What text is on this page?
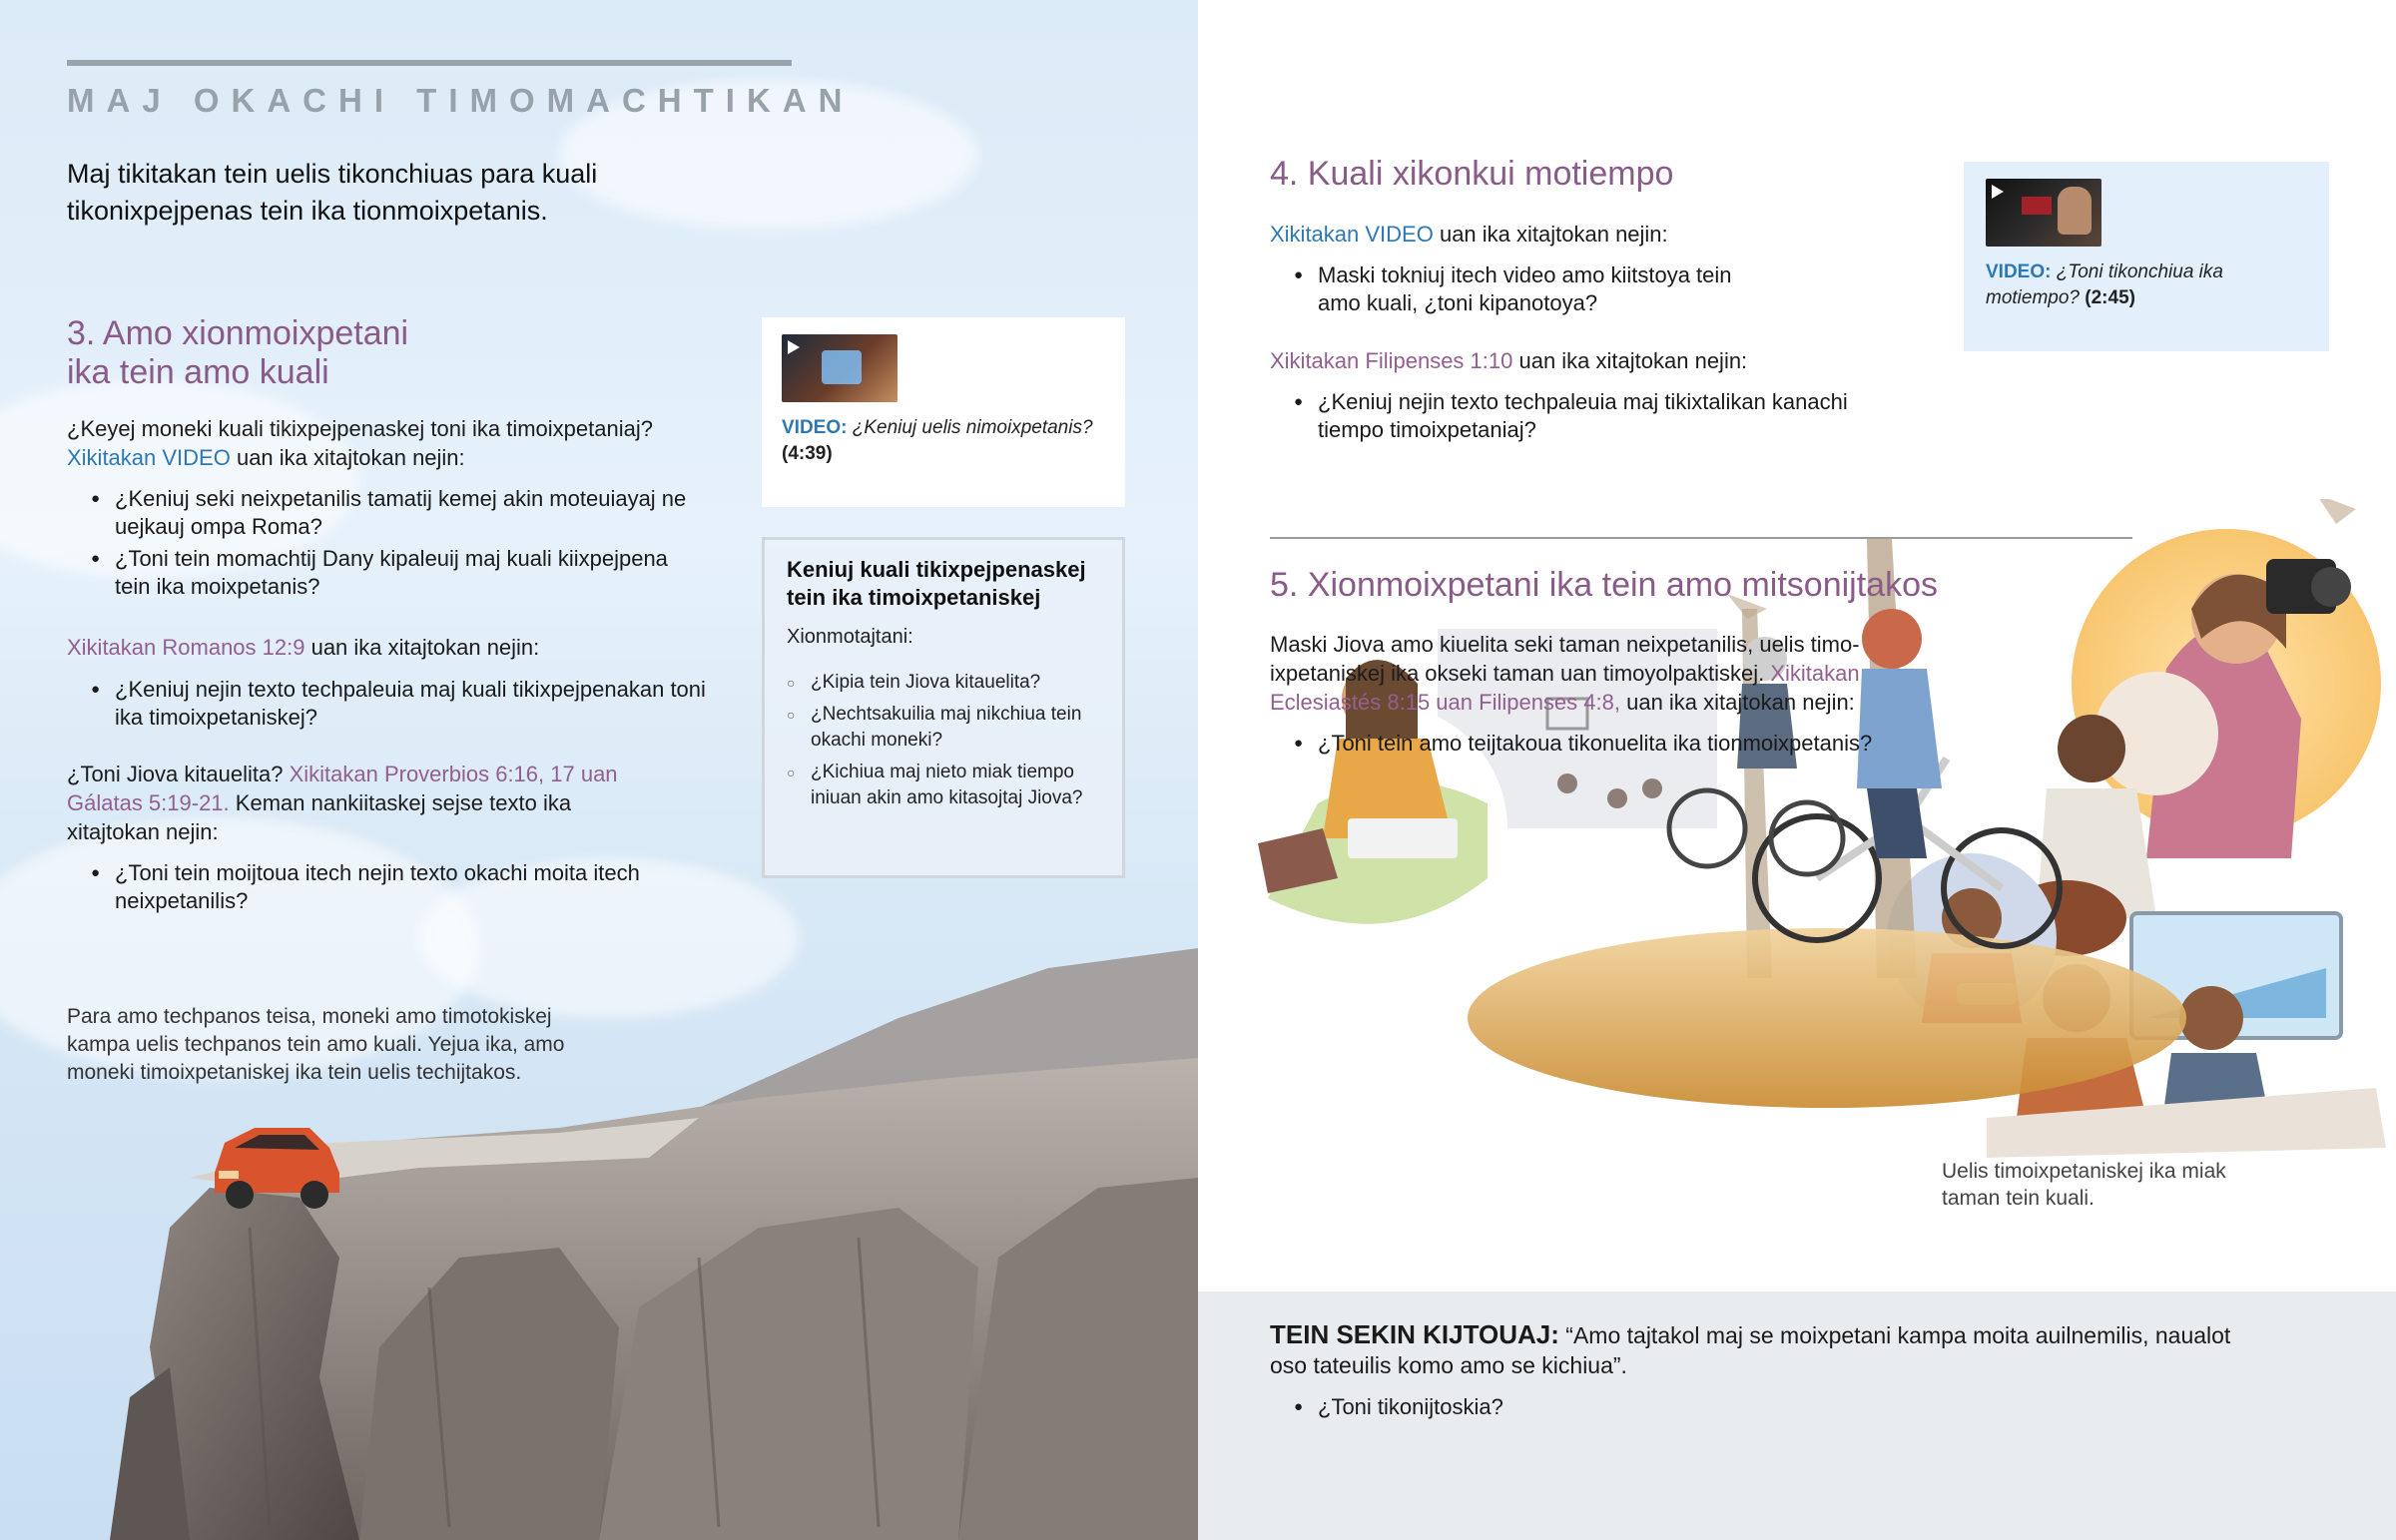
MAJ OKACHI TIMOMACHTIKAN
Maj tikitakan tein uelis tikonchiuas para kuali tikonixpejpenas tein ika tionmoixpetanis.
3. Amo xionmoixpetani
ika tein amo kuali
¿Keyej moneki kuali tikixpejpenaskej toni ika timoixpetaniaj?
Xikitakan VIDEO uan ika xitajtokan nejin:
● ¿Keniuj seki neixpetanilis tamatij kemej akin moteuiayaj ne uejkauj ompa Roma?
● ¿Toni tein momachtij Dany kipaleuij maj kuali kiixpejpena tein ika moixpetanis?
Xikitakan Romanos 12:9 uan ika xitajtokan nejin:
● ¿Keniuj nejin texto techpaleuia maj kuali tikixpejpenakan toni ika timoixpetaniskej?
¿Toni Jiova kitauelita? Xikitakan Proverbios 6:16, 17 uan Gálatas 5:19-21. Keman nankiitaskej sejse texto ika xitajtokan nejin:
● ¿Toni tein moijtoua itech nejin texto okachi moita itech neixpetanilis?
VIDEO: ¿Keniuj uelis nimoixpetanis?
(4:39)
Keniuj kuali tikixpejpenaskej tein ika timoixpetaniskej
Xionmotajtani:
○ ¿Kipia tein Jiova kitauelita?
○ ¿Nechtsakuilia maj nikchiua tein okachi moneki?
○ ¿Kichiua maj nieto miak tiempo iniuan akin amo kitasojtaj Jiova?
Para amo techpanos teisa, moneki amo timotokiskej kampa uelis techpanos tein amo kuali. Yejua ika, amo moneki timoixpetaniskej ika tein uelis techijtakos.
4. Kuali xikonkui motiempo
Xikitakan VIDEO uan ika xitajtokan nejin:
● Maski tokniuj itech video amo kiitstoya tein amo kuali, ¿toni kipanotoya?
Xikitakan Filipenses 1:10 uan ika xitajtokan nejin:
● ¿Keniuj nejin texto techpaleuia maj tikixtalikan kanachi tiempo timoixpetaniaj?
VIDEO: ¿Toni tikonchiua ika motiempo? (2:45)
5. Xionmoixpetani ika tein amo mitsonijtakos
Maski Jiova amo kiuelita seki taman neixpetanilis, uelis timoixpetaniskej ika okseki taman uan timoyolpaktiskej. Xikitakan Eclesiastés 8:15 uan Filipenses 4:8, uan ika xitajtokan nejin:
● ¿Toni tein amo teijtakoua tikonuelita ika tionmoixpetanis?
Uelis timoixpetaniskej ika miak taman tein kuali.
TEIN SEKIN KIJTOUAJ: “Amo tajtakol maj se moixpetani kampa moita auilnemilis, naualot oso tateuilis komo amo se kichiua”.
● ¿Toni tikonijtoskia?
